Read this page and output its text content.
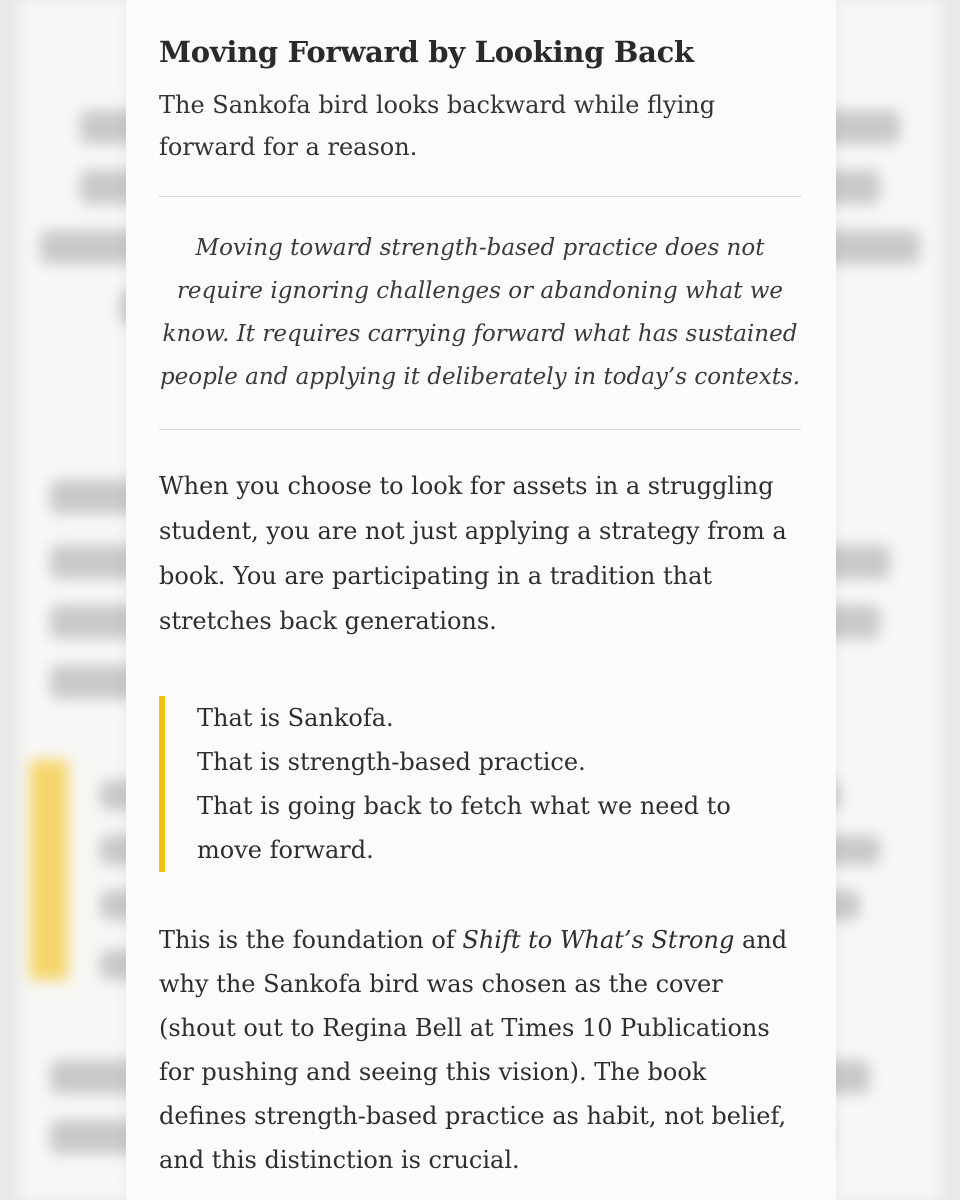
Moving Forward by Looking Back

The Sankofa bird looks backward while flying forward for a reason.

Moving toward strength-based practice does not require ignoring challenges or abandoning what we know. It requires carrying forward what has sustained people and applying it deliberately in today’s contexts.

When you choose to look for assets in a struggling student, you are not just applying a strategy from a book. You are participating in a tradition that stretches back generations.

That is Sankofa.
That is strength-based practice.
That is going back to fetch what we need to move forward.

This is the foundation of Shift to What’s Strong and why the Sankofa bird was chosen as the cover (shout out to Regina Bell at Times 10 Publications for pushing and seeing this vision). The book defines strength-based practice as habit, not belief, and this distinction is crucial.
